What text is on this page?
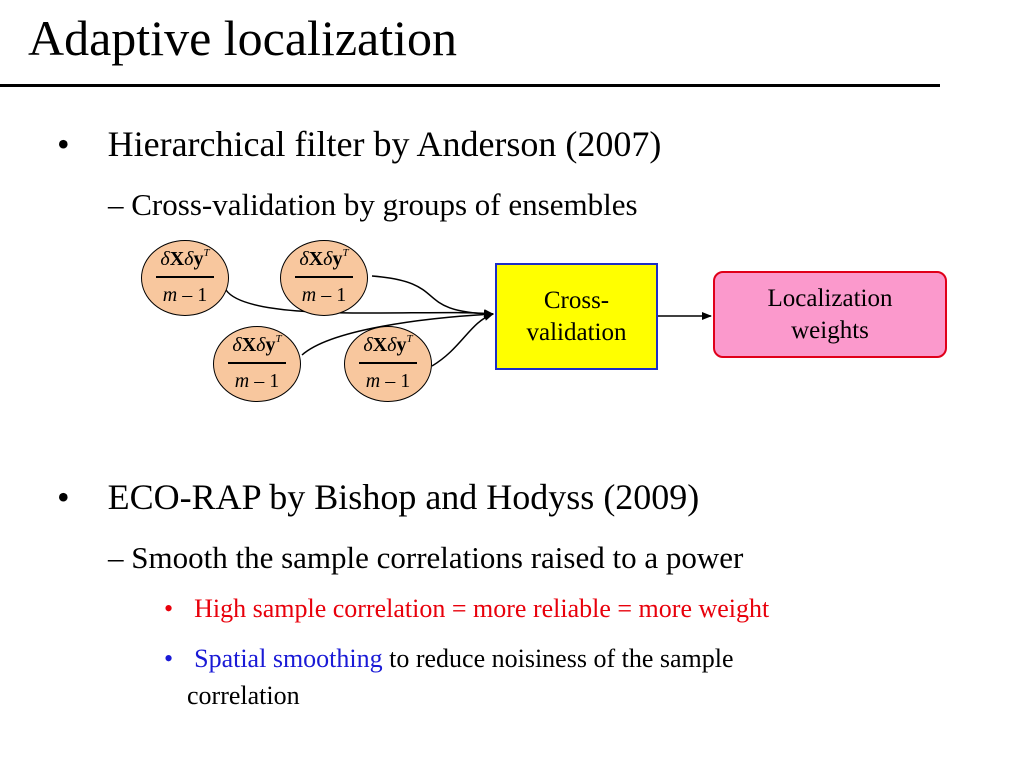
Adaptive localization
• Hierarchical filter by Anderson (2007)
– Cross-validation by groups of ensembles
δXδy$^T$
m – 1
δXδy$^T$
m – 1
δXδy$^T$
m – 1
δXδy$^T$
m – 1
Cross-
validation
Localization
weights
• ECO-RAP by Bishop and Hodyss (2009)
– Smooth the sample correlations raised to a power
• High sample correlation = more reliable = more weight
• Spatial smoothing to reduce noisiness of the sample
correlation
